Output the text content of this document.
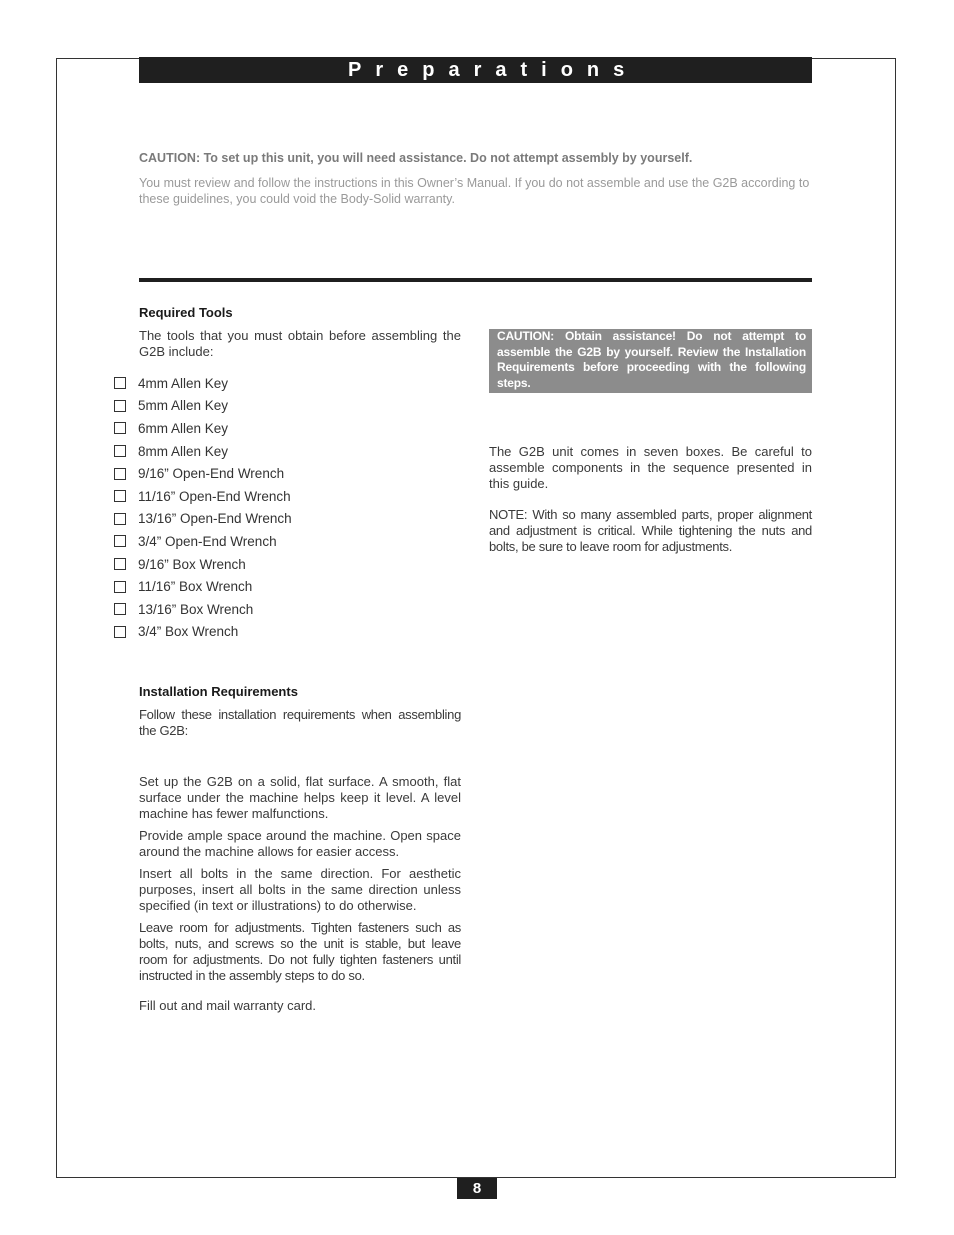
Preparations
CAUTION: To set up this unit, you will need assistance. Do not attempt assembly by yourself.
You must review and follow the instructions in this Owner’s Manual. If you do not assemble and use the G2B according to these guidelines, you could void the Body-Solid warranty.
Required Tools
The tools that you must obtain before assembling the G2B include:
4mm Allen Key
5mm Allen Key
6mm Allen Key
8mm Allen Key
9/16” Open-End Wrench
11/16” Open-End Wrench
13/16” Open-End Wrench
3/4” Open-End Wrench
9/16” Box Wrench
11/16” Box Wrench
13/16” Box Wrench
3/4” Box Wrench
Installation Requirements
Follow these installation requirements when assembling the G2B:
Set up the G2B on a solid, flat surface. A smooth, flat surface under the machine helps keep it level. A level machine has fewer malfunctions.
Provide ample space around the machine. Open space around the machine allows for easier access.
Insert all bolts in the same direction. For aesthetic purposes, insert all bolts in the same direction unless specified (in text or illustrations) to do otherwise.
Leave room for adjustments. Tighten fasteners such as bolts, nuts, and screws so the unit is stable, but leave room for adjustments. Do not fully tighten fasteners until instructed in the assembly steps to do so.
Fill out and mail warranty card.
CAUTION: Obtain assistance! Do not attempt to assemble the G2B by yourself. Review the Installation Requirements before proceeding with the following steps.
The G2B unit comes in seven boxes. Be careful to assemble components in the sequence presented in this guide.
NOTE: With so many assembled parts, proper alignment and adjustment is critical. While tightening the nuts and bolts, be sure to leave room for adjustments.
8
